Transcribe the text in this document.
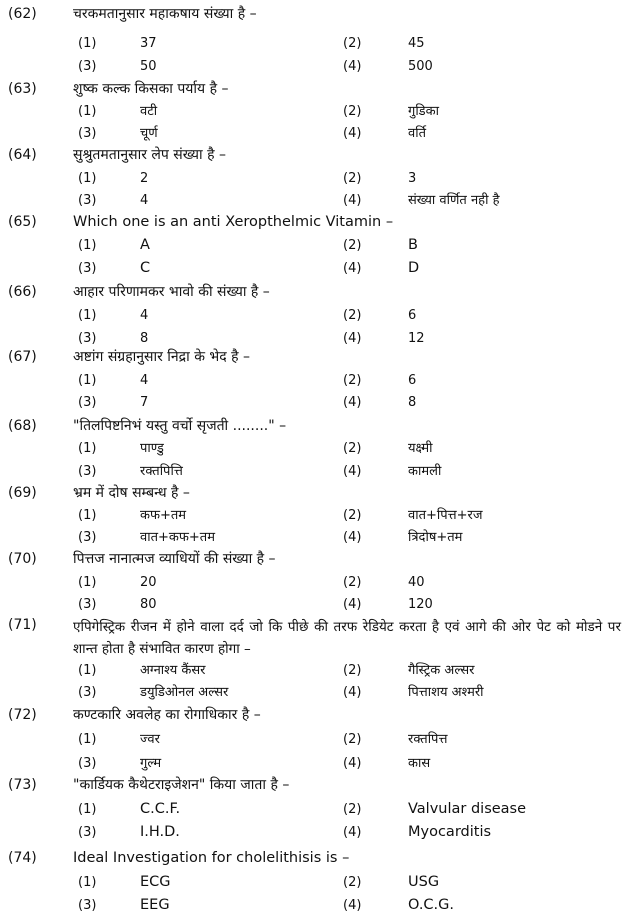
(62)	चरकमतानुसार महाकषाय संख्या है –
(1)	37	(2)	45
(3)	50	(4)	500
(63)	शुष्क कल्क किसका पर्याय है –
(1)	वटी	(2)	गुडिका
(3)	चूर्ण	(4)	वर्ति
(64)	सुश्रुतमतानुसार लेप संख्या है –
(1)	2	(2)	3
(3)	4	(4)	संख्या वर्णित नही है
(65)	Which one is an anti Xeropthelmic Vitamin –
(1)	A	(2)	B
(3)	C	(4)	D
(66)	आहार परिणामकर भावो की संख्या है –
(1)	4	(2)	6
(3)	8	(4)	12
(67)	अष्टांग संग्रहानुसार निद्रा के भेद है –
(1)	4	(2)	6
(3)	7	(4)	8
(68)	"तिलपिष्टनिभं यस्तु वर्चो सृजती ........" –
(1)	पाण्डु	(2)	यक्ष्मी
(3)	रक्तपित्ति	(4)	कामली
(69)	भ्रम में दोष सम्बन्ध है –
(1)	कफ+तम	(2)	वात+पित्त+रज
(3)	वात+कफ+तम	(4)	त्रिदोष+तम
(70)	पित्तज नानात्मज व्याधियों की संख्या है –
(1)	20	(2)	40
(3)	80	(4)	120
(71)	एपिगेस्ट्रिक रीजन में होने वाला दर्द जो कि पीछे की तरफ रेडियेट करता है एवं आगे की ओर पेट को मोडने पर शान्त होता है संभावित कारण होगा –
(1)	अग्नाश्य कैंसर	(2)	गैस्ट्रिक अल्सर
(3)	डयुडिओनल अल्सर	(4)	पित्ताशय अश्मरी
(72)	कण्टकारि अवलेह का रोगाधिकार है –
(1)	ज्वर	(2)	रक्तपित्त
(3)	गुल्म	(4)	कास
(73)	"कार्डियक कैथेटराइजेशन" किया जाता है –
(1)	C.C.F.	(2)	Valvular disease
(3)	I.H.D.	(4)	Myocarditis
(74)	Ideal Investigation for cholelithisis is –
(1)	ECG	(2)	USG
(3)	EEG	(4)	O.C.G.
